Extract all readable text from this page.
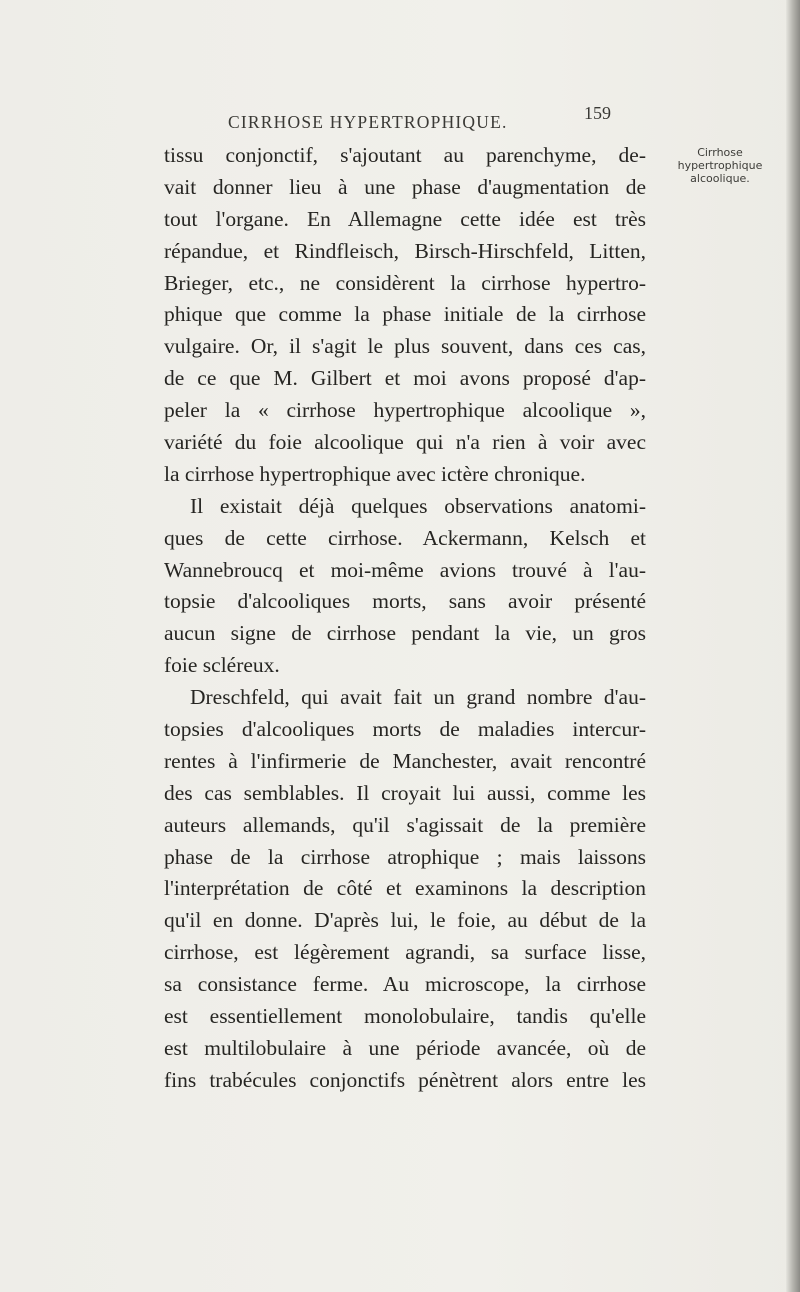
CIRRHOSE HYPERTROPHIQUE.	159
Cirrhose
hypertrophique
alcoolique.
tissu conjonctif, s'ajoutant au parenchyme, de-
vait donner lieu à une phase d'augmentation de
tout l'organe. En Allemagne cette idée est très
répandue, et Rindfleisch, Birsch-Hirschfeld, Litten,
Brieger, etc., ne considèrent la cirrhose hypertro-
phique que comme la phase initiale de la cirrhose
vulgaire. Or, il s'agit le plus souvent, dans ces cas,
de ce que M. Gilbert et moi avons proposé d'ap-
peler la « cirrhose hypertrophique alcoolique »,
variété du foie alcoolique qui n'a rien à voir avec
la cirrhose hypertrophique avec ictère chronique.
Il existait déjà quelques observations anatomi-
ques de cette cirrhose. Ackermann, Kelsch et
Wannebroucq et moi-même avions trouvé à l'au-
topsie d'alcooliques morts, sans avoir présenté
aucun signe de cirrhose pendant la vie, un gros
foie scléreux.
Dreschfeld, qui avait fait un grand nombre d'au-
topsies d'alcooliques morts de maladies intercur-
rentes à l'infirmerie de Manchester, avait rencontré
des cas semblables. Il croyait lui aussi, comme les
auteurs allemands, qu'il s'agissait de la première
phase de la cirrhose atrophique ; mais laissons
l'interprétation de côté et examinons la description
qu'il en donne. D'après lui, le foie, au début de la
cirrhose, est légèrement agrandi, sa surface lisse,
sa consistance ferme. Au microscope, la cirrhose
est essentiellement monolobulaire, tandis qu'elle
est multilobulaire à une période avancée, où de
fins trabécules conjonctifs pénètrent alors entre les
